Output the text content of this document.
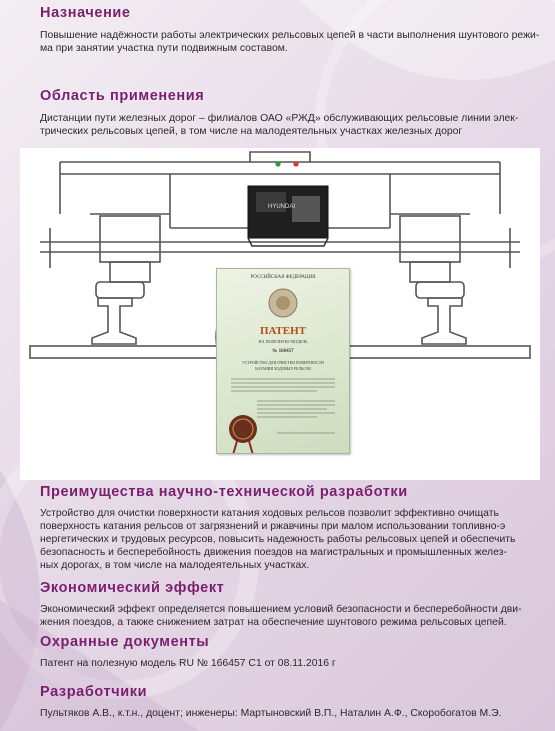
Назначение

Повышение надёжности работы электрических рельсовых цепей в части выполнения шунтового режи-

ма при занятии участка пути подвижным составом.

Область применения

Дистанции пути железных дорог – филиалов ОАО «РЖД» обслуживающих рельсовые линии элек-

трических рельсовых цепей, в том числе на малодеятельных участках железных дорог

HYUNDAI
РОССИЙСКАЯ ФЕДЕРАЦИЯ
ПАТЕНТ
НА ПОЛЕЗНУЮ МОДЕЛЬ
№ 166457
УСТРОЙСТВО ДЛЯ ОЧИСТКИ ПОВЕРХНОСТИ
КАТАНИЯ ХОДОВЫХ РЕЛЬСОВ
Преимущества научно-технической разработки

Устройство для очистки поверхности катания ходовых рельсов позволит эффективно очищать

поверхность катания рельсов от загрязнений и ржавчины при малом использовании топливно-э

нергетических и трудовых ресурсов, повысить надежность работы рельсовых цепей и обеспечить

безопасность и бесперебойность движения поездов на магистральных и промышленных желез-

ных дорогах, в том числе на малодеятельных участках.

Экономический эффект

Экономический эффект определяется повышением условий безопасности и бесперебойности дви-

жения поездов, а также снижением затрат на обеспечение шунтового режима рельсовых цепей.

Охранные документы

Патент на полезную модель RU № 166457 C1 от 08.11.2016 г

Разработчики

Пультяков А.В., к.т.н., доцент; инженеры: Мартыновский В.П., Наталин А.Ф., Скоробогатов М.Э.
